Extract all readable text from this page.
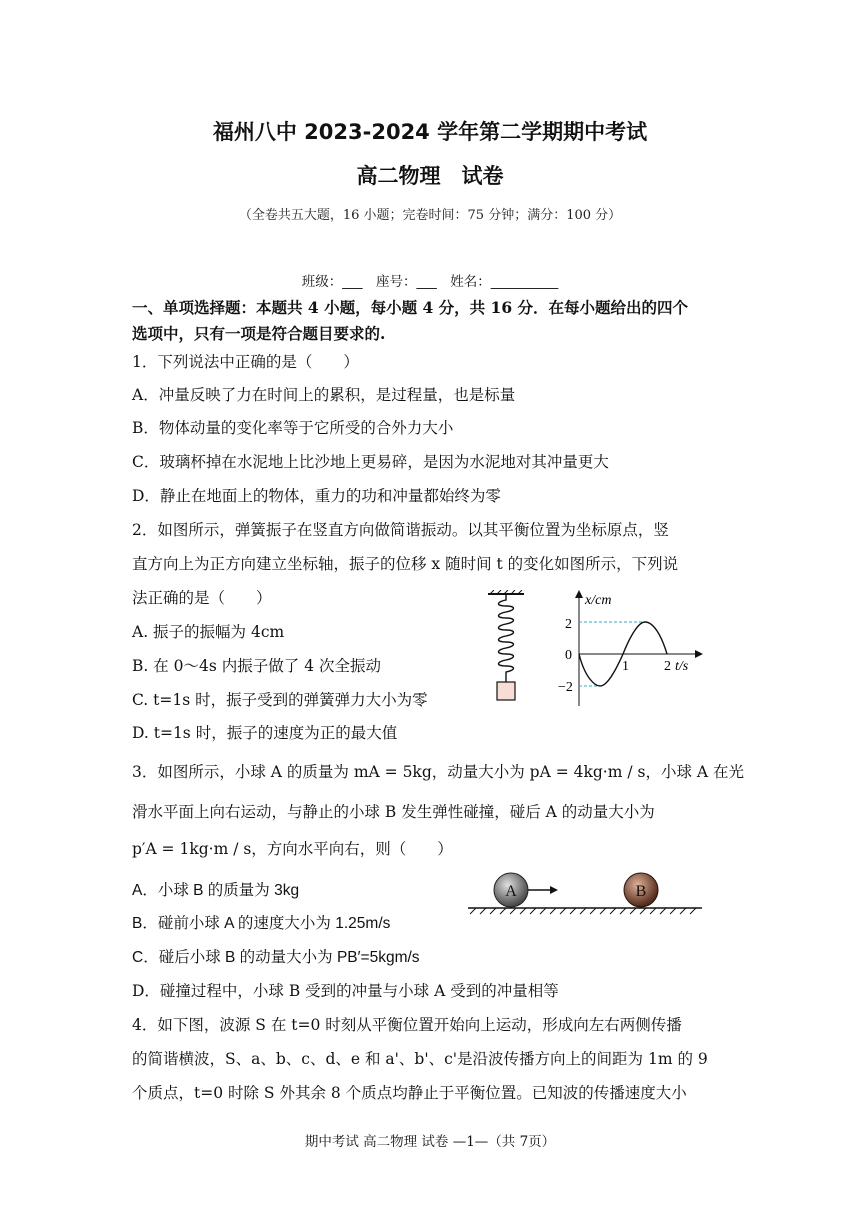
福州八中 2023-2024 学年第二学期期中考试
高二物理　试卷
（全卷共五大题，16 小题；完卷时间：75 分钟；满分：100 分）
班级：___　座号：___　姓名：__________
一、单项选择题：本题共 4 小题，每小题 4 分，共 16 分．在每小题给出的四个
选项中，只有一项是符合题目要求的.
1．下列说法中正确的是（　　）
A．冲量反映了力在时间上的累积，是过程量，也是标量
B．物体动量的变化率等于它所受的合外力大小
C．玻璃杯掉在水泥地上比沙地上更易碎，是因为水泥地对其冲量更大
D．静止在地面上的物体，重力的功和冲量都始终为零
2．如图所示，弹簧振子在竖直方向做简谐振动。以其平衡位置为坐标原点，竖
直方向上为正方向建立坐标轴，振子的位移 x 随时间 t 的变化如图所示，下列说
法正确的是（　　）
A. 振子的振幅为 4cm
B. 在 0～4s 内振子做了 4 次全振动
C. t=1s 时，振子受到的弹簧弹力大小为零
D. t=1s 时，振子的速度为正的最大值
x/cm
t/s
2
−2
0
1	2
3．如图所示，小球 A 的质量为 mA = 5kg，动量大小为 pA = 4kg·m / s，小球 A 在光
滑水平面上向右运动，与静止的小球 B 发生弹性碰撞，碰后 A 的动量大小为
p′A = 1kg·m / s，方向水平向右，则（　　）
A．小球 B 的质量为 3kg
B．碰前小球 A 的速度大小为 1.25m/s
C．碰后小球 B 的动量大小为 PB′=5kgm/s
D．碰撞过程中，小球 B 受到的冲量与小球 A 受到的冲量相等
A	B
4．如下图，波源 S 在 t=0 时刻从平衡位置开始向上运动，形成向左右两侧传播
的简谐横波，S、a、b、c、d、e 和 a'、b'、c'是沿波传播方向上的间距为 1m 的 9
个质点，t=0 时除 S 外其余 8 个质点均静止于平衡位置。已知波的传播速度大小
期中考试 高二物理 试卷 —1—（共 7页）
